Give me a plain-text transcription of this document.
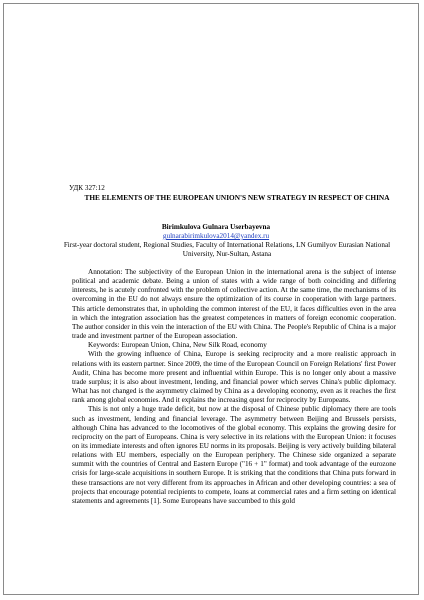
УДК 327:12
THE ELEMENTS OF THE EUROPEAN UNION'S NEW STRATEGY IN RESPECT OF CHINA
Birimkulova Gulnara Userbayevna
gulnarabirimkulova2014@yandex.ru
First-year doctoral student, Regional Studies, Faculty of International Relations, LN Gumilyov Eurasian National University, Nur-Sultan, Astana

Annotation: The subjectivity of the European Union in the international arena is the subject of intense political and academic debate. Being a union of states with a wide range of both coinciding and differing interests, he is acutely confronted with the problem of collective action. At the same time, the mechanisms of its overcoming in the EU do not always ensure the optimization of its course in cooperation with large partners. This article demonstrates that, in upholding the common interest of the EU, it faces difficulties even in the area in which the integration association has the greatest competences in matters of foreign economic cooperation. The author consider in this vein the interaction of the EU with China. The People's Republic of China is a major trade and investment partner of the European association.

Keywords: European Union, China, New Silk Road, economy

With the growing influence of China, Europe is seeking reciprocity and a more realistic approach in relations with its eastern partner. Since 2009, the time of the European Council on Foreign Relations' first Power Audit, China has become more present and influential within Europe. This is no longer only about a massive trade surplus; it is also about investment, lending, and financial power which serves China's public diplomacy. What has not changed is the asymmetry claimed by China as a developing economy, even as it reaches the first rank among global economies. And it explains the increasing quest for reciprocity by Europeans.

This is not only a huge trade deficit, but now at the disposal of Chinese public diplomacy there are tools such as investment, lending and financial leverage. The asymmetry between Beijing and Brussels persists, although China has advanced to the locomotives of the global economy. This explains the growing desire for reciprocity on the part of Europeans. China is very selective in its relations with the European Union: it focuses on its immediate interests and often ignores EU norms in its proposals. Beijing is very actively building bilateral relations with EU members, especially on the European periphery. The Chinese side organized a separate summit with the countries of Central and Eastern Europe ("16 + 1" format) and took advantage of the eurozone crisis for large-scale acquisitions in southern Europe. It is striking that the conditions that China puts forward in these transactions are not very different from its approaches in African and other developing countries: a sea of projects that encourage potential recipients to compete, loans at commercial rates and a firm setting on identical statements and agreements [1]. Some Europeans have succumbed to this gold
